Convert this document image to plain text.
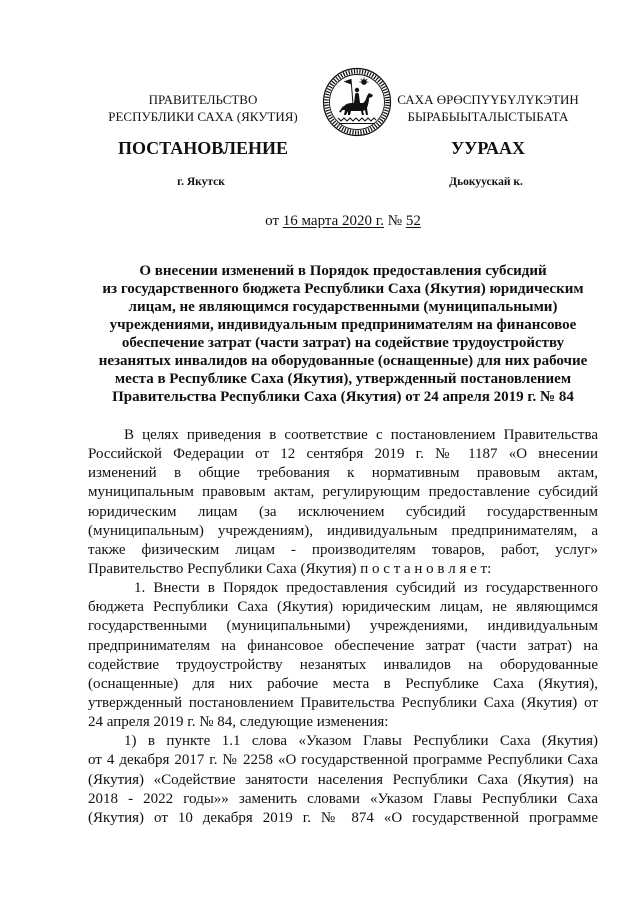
ПРАВИТЕЛЬСТВО
РЕСПУБЛИКИ САХА (ЯКУТИЯ)
САХА ӨРӨСПҮҮБҮЛҮКЭТИН
БЫРАБЫЫТАЛЫСТЫБАТА
ПОСТАНОВЛЕНИЕ	УУРААХ
г. Якутск	Дьокуускай к.
от 16 марта 2020 г. № 52
О внесении изменений в Порядок предоставления субсидий
из государственного бюджета Республики Саха (Якутия) юридическим
лицам, не являющимся государственными (муниципальными)
учреждениями, индивидуальным предпринимателям на финансовое
обеспечение затрат (части затрат) на содействие трудоустройству
незанятых инвалидов на оборудованные (оснащенные) для них рабочие
места в Республике Саха (Якутия), утвержденный постановлением
Правительства Республики Саха (Якутия) от 24 апреля 2019 г. № 84
В целях приведения в соответствие с постановлением Правительства
Российской Федерации от 12 сентября 2019 г. № 1187 «О внесении
изменений в общие требования к нормативным правовым актам,
муниципальным правовым актам, регулирующим предоставление субсидий
юридическим лицам (за исключением субсидий государственным
(муниципальным) учреждениям), индивидуальным предпринимателям, а
также физическим лицам - производителям товаров, работ, услуг»
Правительство Республики Саха (Якутия) п о с т а н о в л я е т:
1. Внести в Порядок предоставления субсидий из государственного
бюджета Республики Саха (Якутия) юридическим лицам, не являющимся
государственными (муниципальными) учреждениями, индивидуальным
предпринимателям на финансовое обеспечение затрат (части затрат) на
содействие трудоустройству незанятых инвалидов на оборудованные
(оснащенные) для них рабочие места в Республике Саха (Якутия),
утвержденный постановлением Правительства Республики Саха (Якутия) от
24 апреля 2019 г. № 84, следующие изменения:
1) в пункте 1.1 слова «Указом Главы Республики Саха (Якутия)
от 4 декабря 2017 г. № 2258 «О государственной программе Республики Саха
(Якутия) «Содействие занятости населения Республики Саха (Якутия) на
2018 - 2022 годы»» заменить словами «Указом Главы Республики Саха
(Якутия) от 10 декабря 2019 г. № 874 «О государственной программе
